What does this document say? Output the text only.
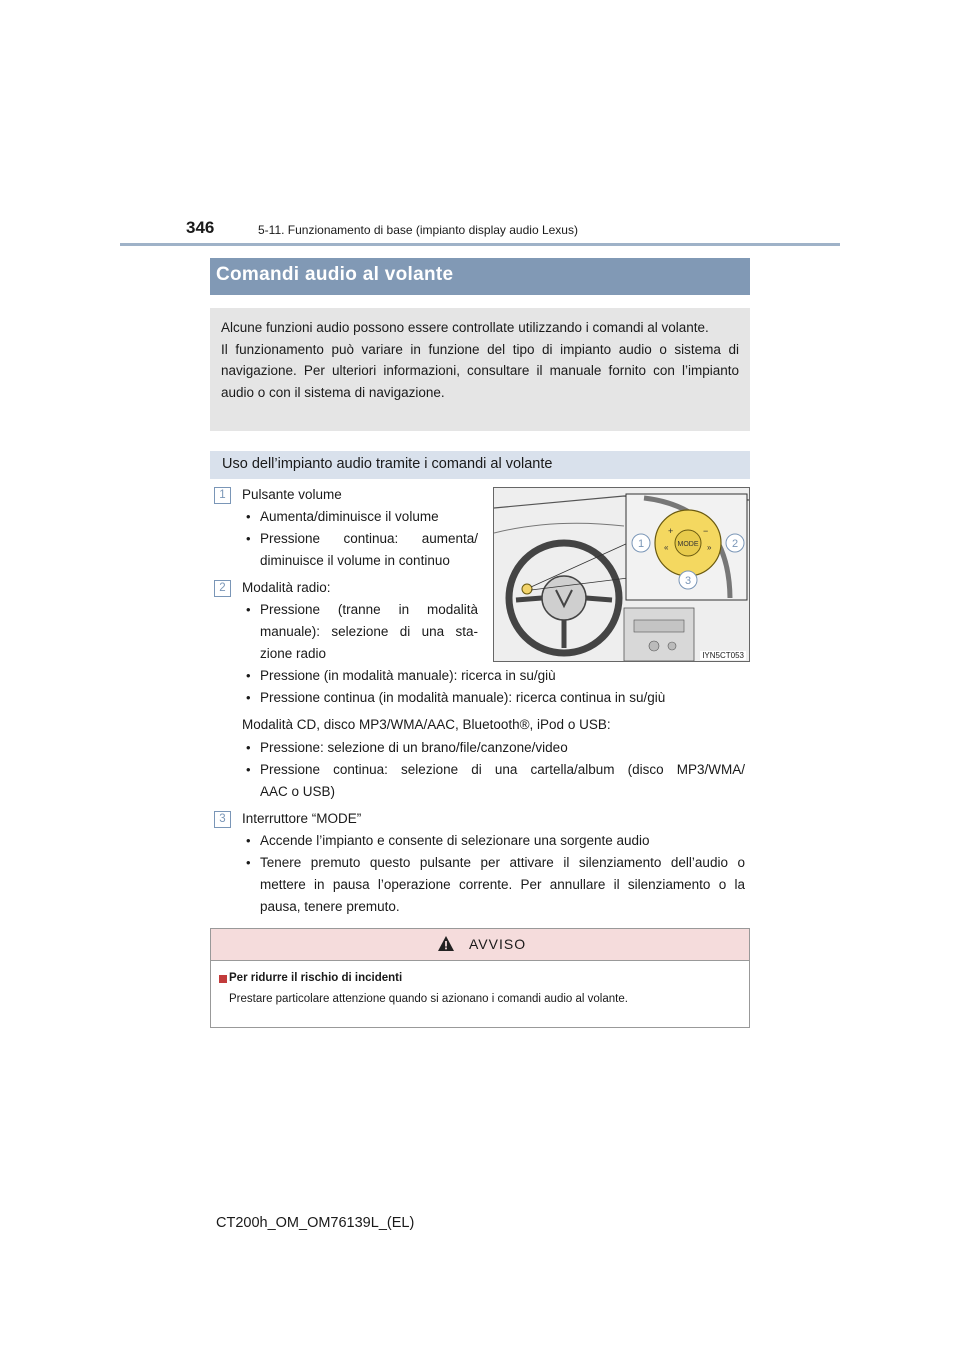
346	5-11. Funzionamento di base (impianto display audio Lexus)
Comandi audio al volante

Alcune funzioni audio possono essere controllate utilizzando i comandi al volante.

Il funzionamento può variare in funzione del tipo di impianto audio o sistema di navigazione. Per ulteriori informazioni, consultare il manuale fornito con l’impianto audio o con il sistema di navigazione.

Uso dell’impianto audio tramite i comandi al volante
1	Pulsante volume
• Aumenta/diminuisce il volume
• Pressione continua: aumenta/
diminuisce il volume in continuo
2	Modalità radio:
• Pressione (tranne in modalità
manuale): selezione di una sta-
zione radio
• Pressione (in modalità manuale): ricerca in su/giù
• Pressione continua (in modalità manuale): ricerca continua in su/giù
Modalità CD, disco MP3/WMA/AAC, Bluetooth®, iPod o USB:
• Pressione: selezione di un brano/file/canzone/video
• Pressione continua: selezione di una cartella/album (disco MP3/WMA/
AAC o USB)
3	Interruttore “MODE”
• Accende l’impianto e consente di selezionare una sorgente audio
• Tenere premuto questo pulsante per attivare il silenziamento dell’audio o
mettere in pausa l’operazione corrente. Per annullare il silenziamento o la
pausa, tenere premuto.
MODE
+	−
«	»
1	2
3
IYN5CT053
AVVISO
Per ridurre il rischio di incidenti
Prestare particolare attenzione quando si azionano i comandi audio al volante.
CT200h_OM_OM76139L_(EL)
